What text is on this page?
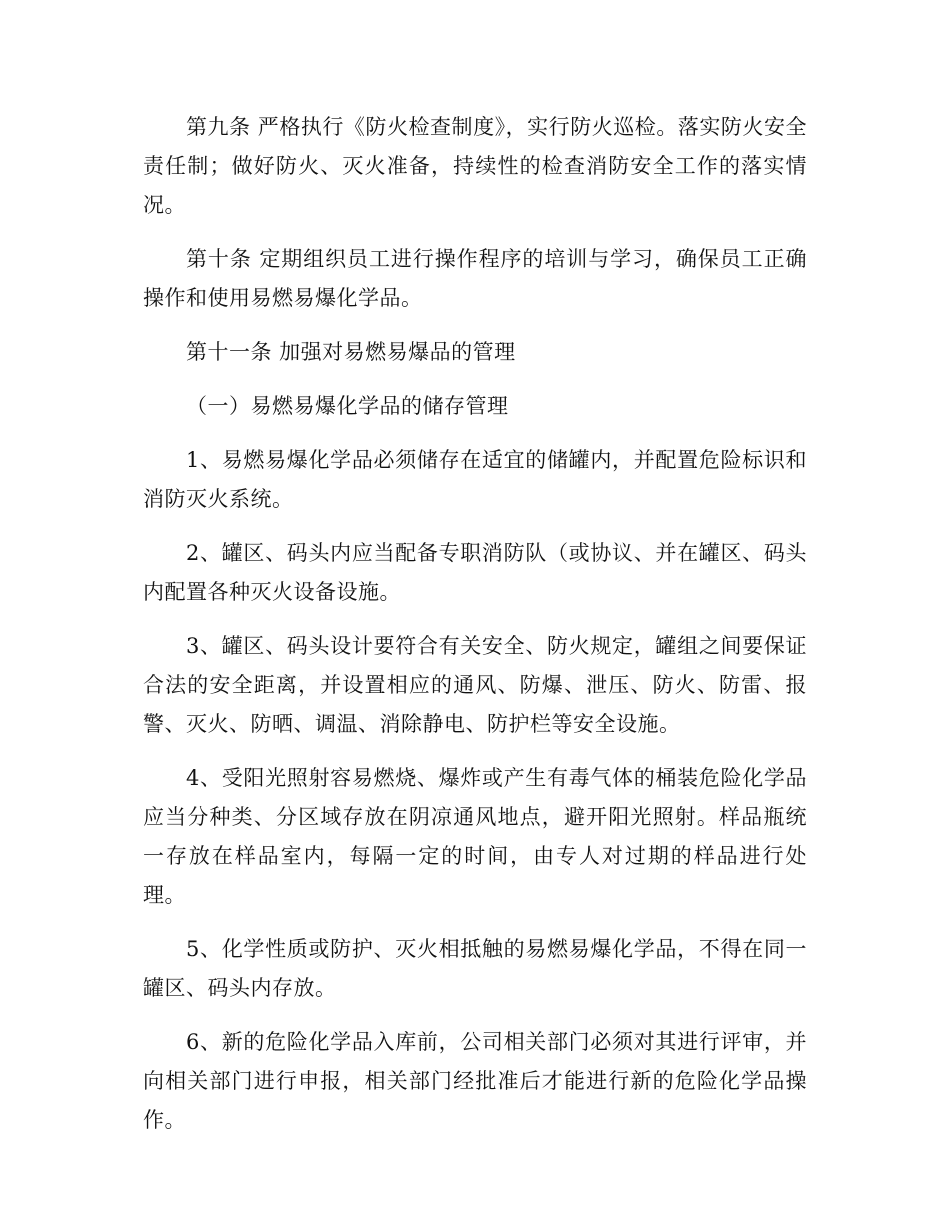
第九条 严格执行《防火检查制度》，实行防火巡检。落实防火安全责任制；做好防火、灭火准备，持续性的检查消防安全工作的落实情况。

第十条 定期组织员工进行操作程序的培训与学习，确保员工正确操作和使用易燃易爆化学品。

第十一条 加强对易燃易爆品的管理

（一）易燃易爆化学品的储存管理

1、易燃易爆化学品必须储存在适宜的储罐内，并配置危险标识和消防灭火系统。

2、罐区、码头内应当配备专职消防队（或协议、并在罐区、码头内配置各种灭火设备设施。

3、罐区、码头设计要符合有关安全、防火规定，罐组之间要保证合法的安全距离，并设置相应的通风、防爆、泄压、防火、防雷、报警、灭火、防晒、调温、消除静电、防护栏等安全设施。

4、受阳光照射容易燃烧、爆炸或产生有毒气体的桶装危险化学品应当分种类、分区域存放在阴凉通风地点，避开阳光照射。样品瓶统一存放在样品室内，每隔一定的时间，由专人对过期的样品进行处理。

5、化学性质或防护、灭火相抵触的易燃易爆化学品，不得在同一罐区、码头内存放。

6、新的危险化学品入库前，公司相关部门必须对其进行评审，并向相关部门进行申报，相关部门经批准后才能进行新的危险化学品操作。
